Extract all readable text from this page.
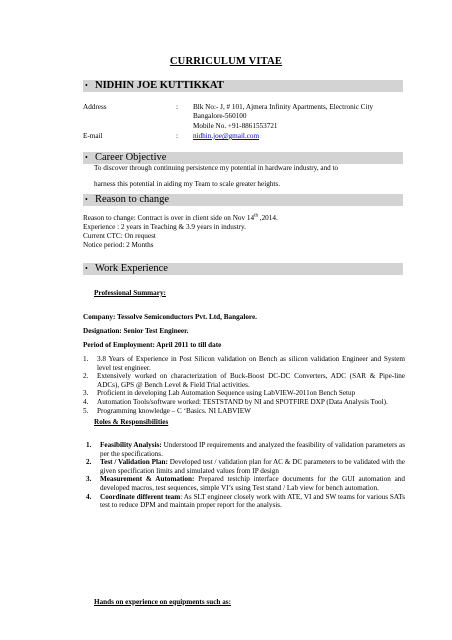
CURRICULUM VITAE
• NIDHIN JOE KUTTIKKAT
Address	: Blk No:- J, # 101, Ajmera Infinity Apartments, Electronic City
Bangalore-560100
Mobile No. +91-8861553721
E-mail	: nidhin.joe@gmail.com
• Career Objective
To discover through continuing persistence my potential in hardware industry, and to
harness this potential in aiding my Team to scale greater heights.
• Reason to change
Reason to change: Contract is over in client side on Nov 14th ,2014.
Experience : 2 years in Teaching & 3.9 years in industry.
Current CTC: On request
Notice period: 2 Months
• Work Experience
Professional Summary:
Company: Tessolve Semiconductors Pvt. Ltd, Bangalore.
Designation: Senior Test Engineer.
Period of Employment: April 2011 to till date
1. 3.8 Years of Experience in Post Silicon validation on Bench as silicon validation Engineer and System level test engineer.
2. Extensively worked on characterization of Buck-Boost DC-DC Converters, ADC (SAR & Pipe-line ADCs), GPS @ Bench Level & Field Trial activities.
3. Proficient in developing Lab Automation Sequence using LabVIEW-2011on Bench Setup
4. Automation Tools/software worked: TESTSTAND by NI and SPOTFIRE DXP (Data Analysis Tool).
5. Programming knowledge – C ‘Basics. NI LABVIEW
Roles & Responsibilities
1. Feasibility Analysis: Understood IP requirements and analyzed the feasibility of validation parameters as per the specifications.
2. Test / Validation Plan: Developed test / validation plan for AC & DC parameters to be validated with the given specification limits and simulated values from IP design
3. Measurement & Automation: Prepared testchip interface documents for the GUI automation and developed macros, test sequences, simple VI’s using Test stand / Lab view for bench automation.
4. Coordinate different team: As SLT engineer closely work with ATE, VI and SW teams for various SATs test to reduce DPM and maintain proper report for the analysis.
Hands on experience on equipments such as:
